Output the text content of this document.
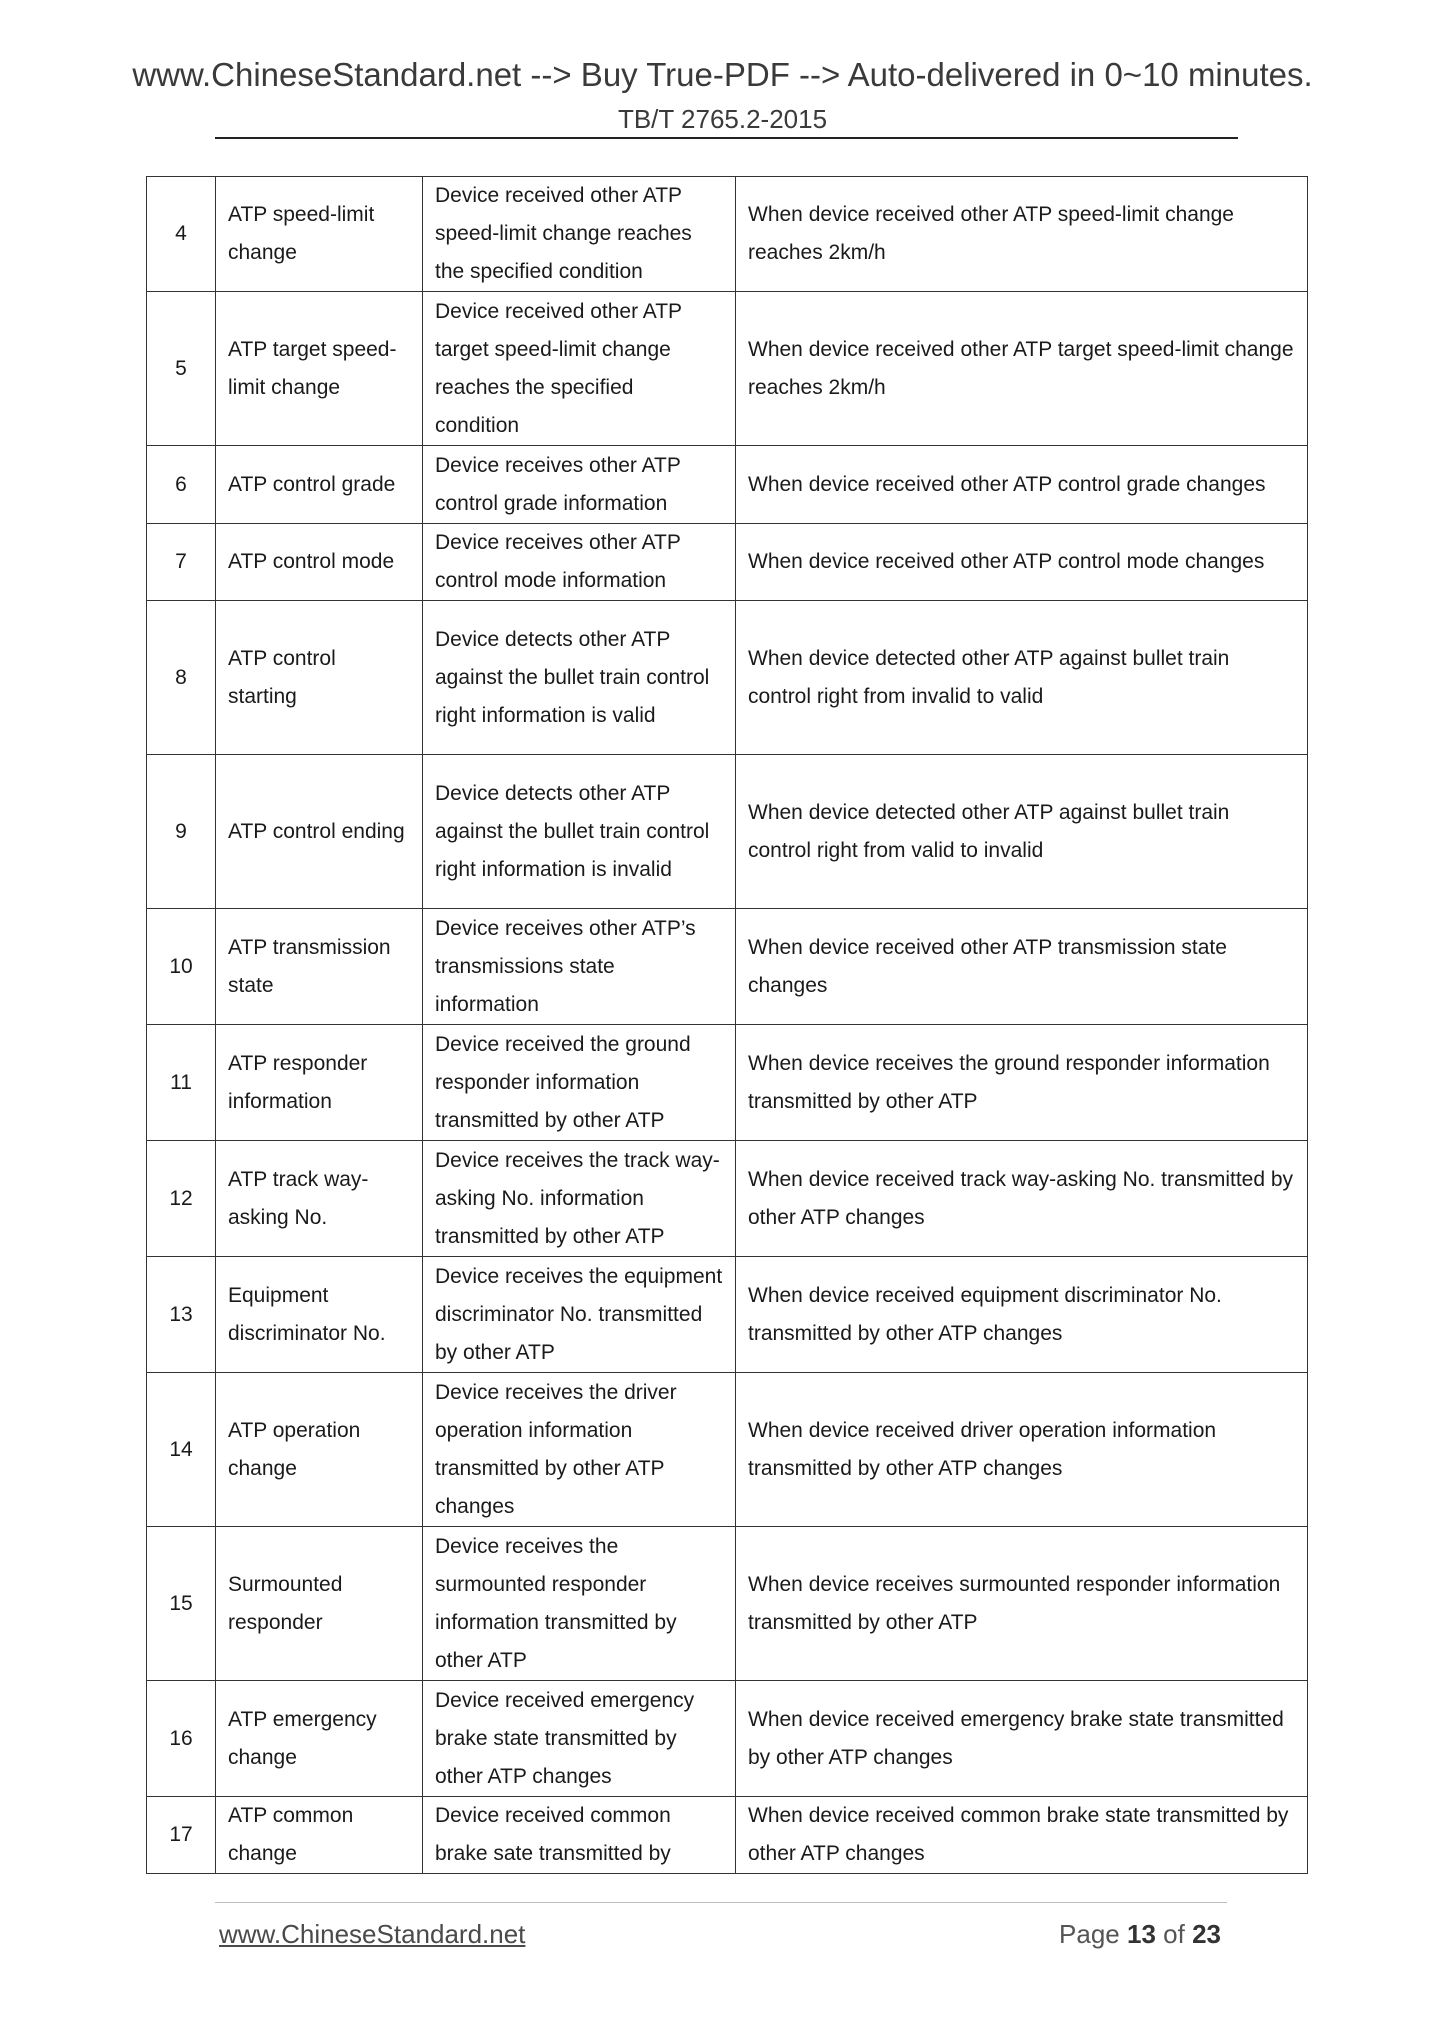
www.ChineseStandard.net --> Buy True-PDF --> Auto-delivered in 0~10 minutes.
TB/T 2765.2-2015
4	ATP speed-limit change	Device received other ATP speed-limit change reaches the specified condition	When device received other ATP speed-limit change reaches 2km/h
5	ATP target speed-limit change	Device received other ATP target speed-limit change reaches the specified condition	When device received other ATP target speed-limit change reaches 2km/h
6	ATP control grade	Device receives other ATP control grade information	When device received other ATP control grade changes
7	ATP control mode	Device receives other ATP control mode information	When device received other ATP control mode changes
8	ATP control starting	Device detects other ATP against the bullet train control right information is valid	When device detected other ATP against bullet train control right from invalid to valid
9	ATP control ending	Device detects other ATP against the bullet train control right information is invalid	When device detected other ATP against bullet train control right from valid to invalid
10	ATP transmission state	Device receives other ATP’s transmissions state information	When device received other ATP transmission state changes
11	ATP responder information	Device received the ground responder information transmitted by other ATP	When device receives the ground responder information transmitted by other ATP
12	ATP track way-asking No.	Device receives the track way-asking No. information transmitted by other ATP	When device received track way-asking No. transmitted by other ATP changes
13	Equipment discriminator No.	Device receives the equipment discriminator No. transmitted by other ATP	When device received equipment discriminator No. transmitted by other ATP changes
14	ATP operation change	Device receives the driver operation information transmitted by other ATP changes	When device received driver operation information transmitted by other ATP changes
15	Surmounted responder	Device receives the surmounted responder information transmitted by other ATP	When device receives surmounted responder information transmitted by other ATP
16	ATP emergency change	Device received emergency brake state transmitted by other ATP changes	When device received emergency brake state transmitted by other ATP changes
17	ATP common change	Device received common brake sate transmitted by	When device received common brake state transmitted by other ATP changes
www.ChineseStandard.net	Page 13 of 23
